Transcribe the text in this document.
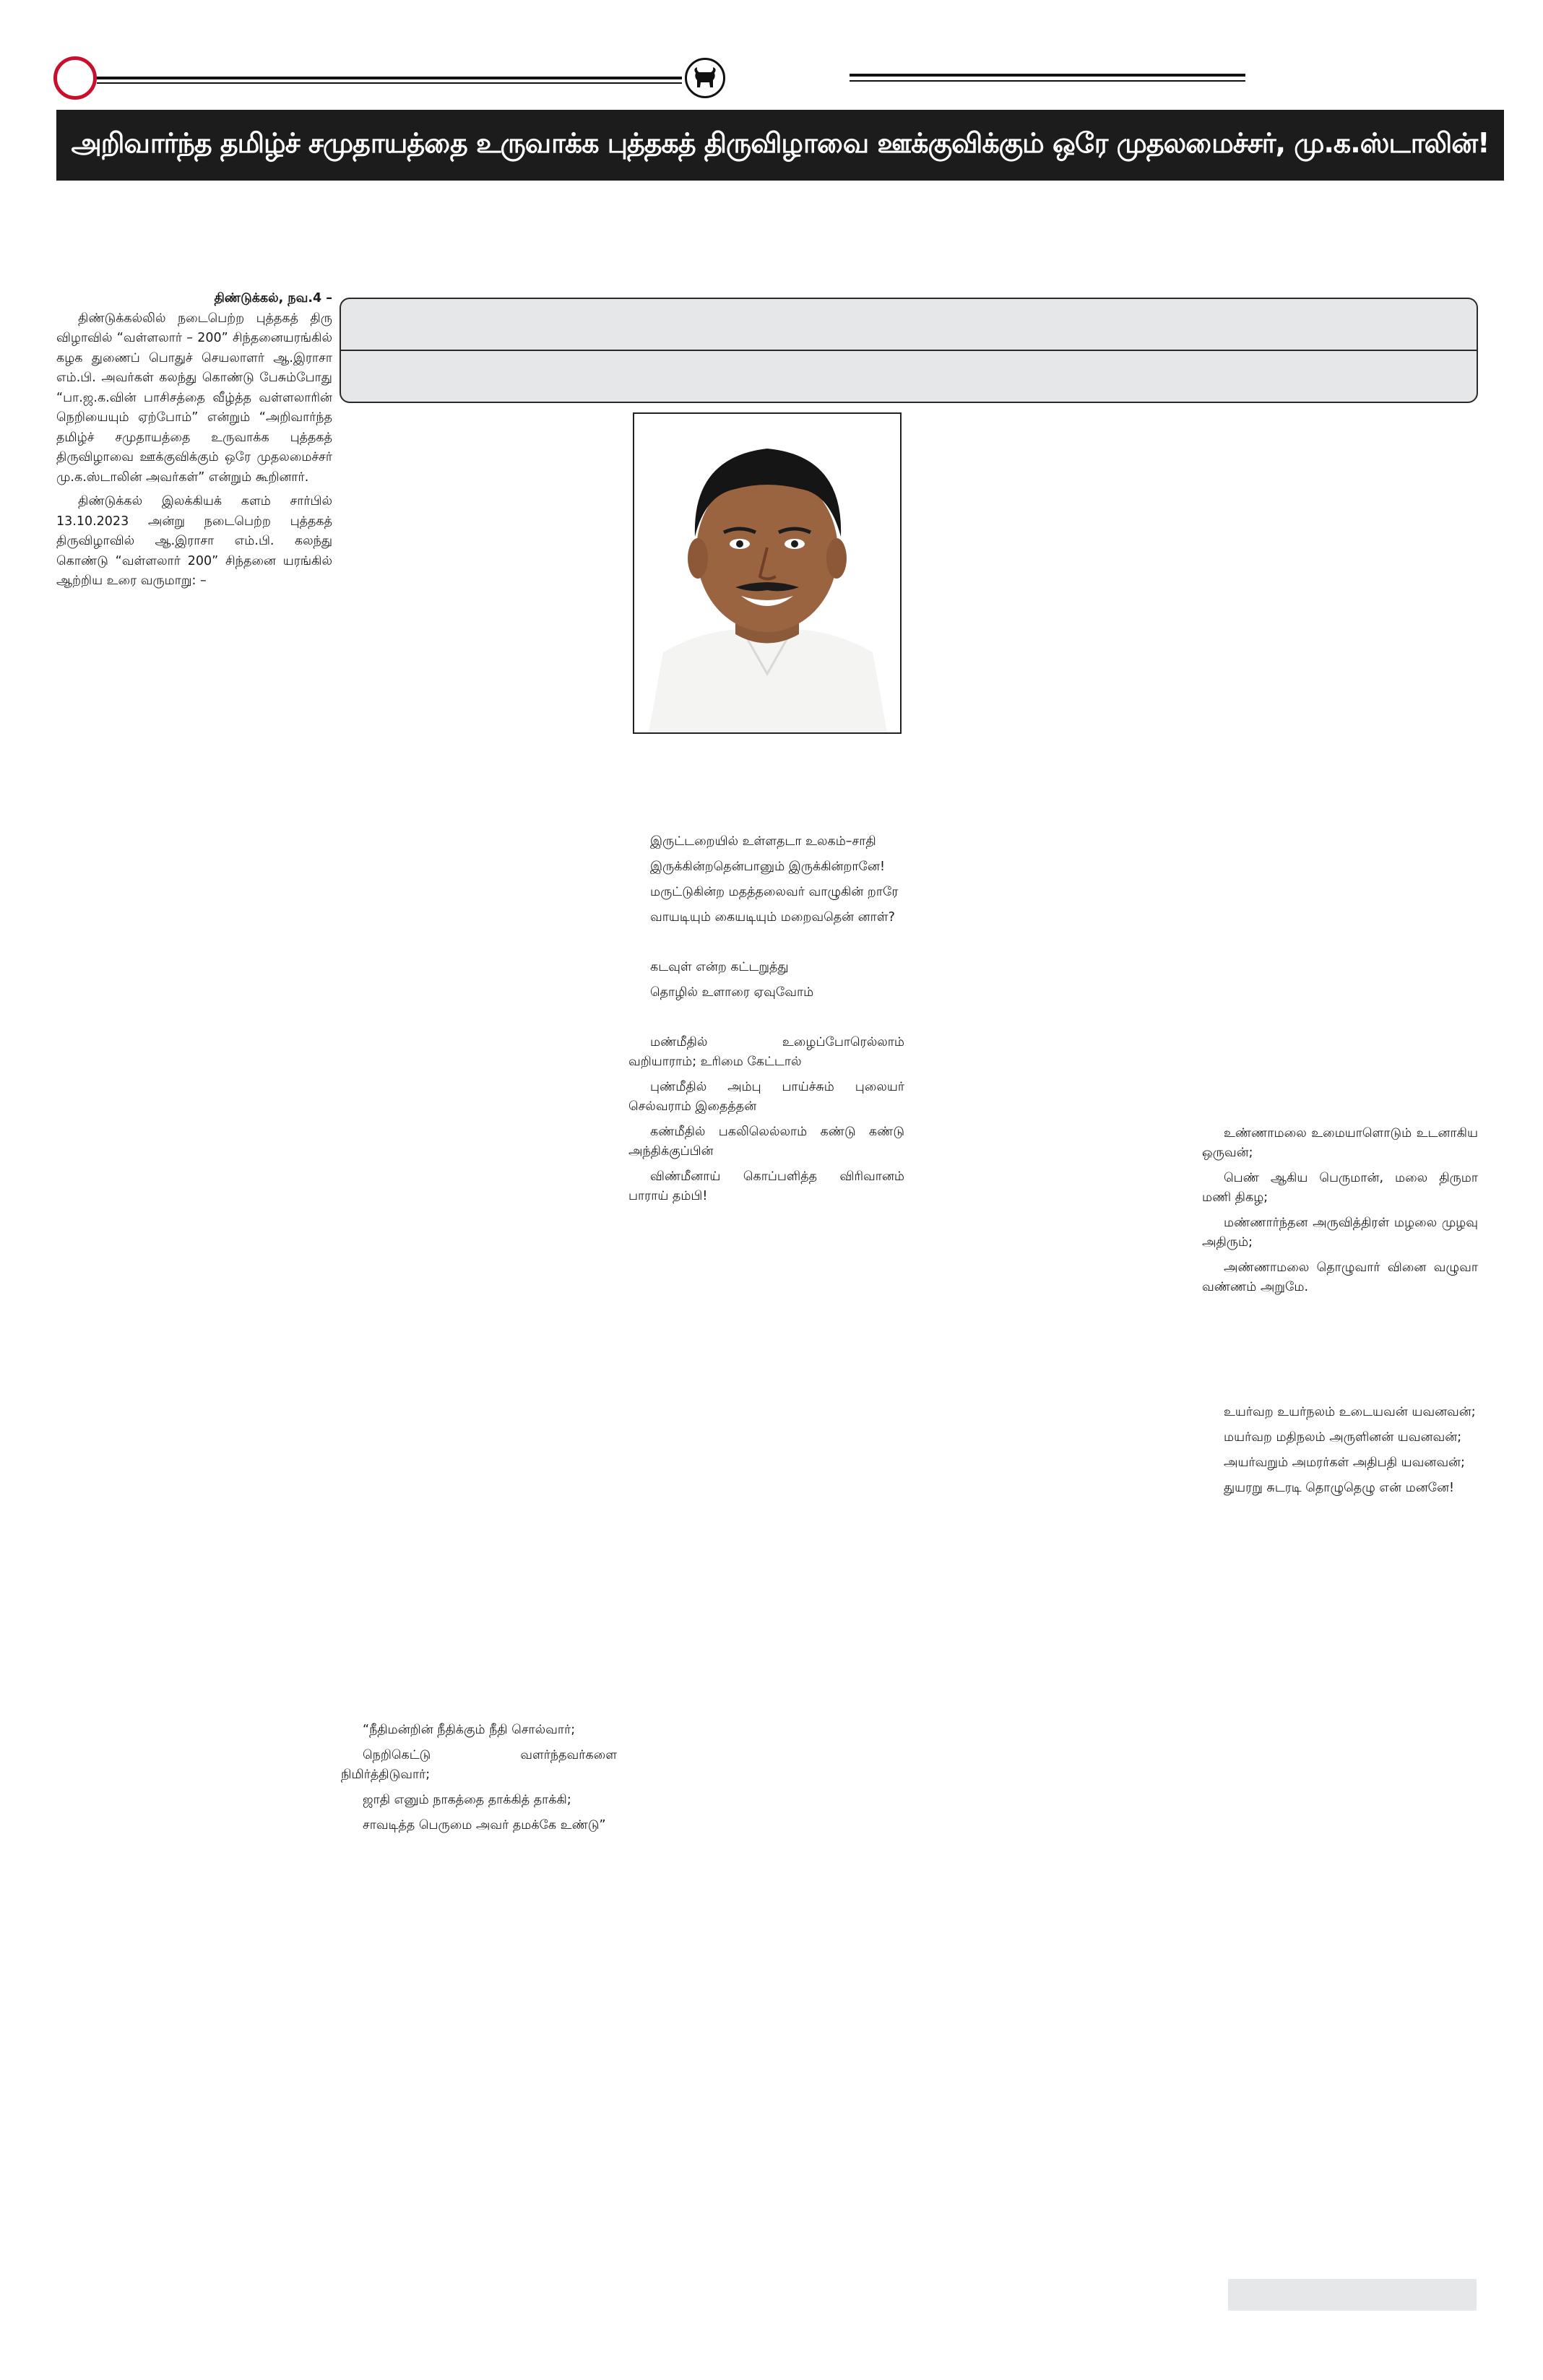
அறிவார்ந்த தமிழ்ச் சமுதாயத்தை உருவாக்க புத்தகத் திருவிழாவை ஊக்குவிக்கும் ஒரே முதலமைச்சர், மு.க.ஸ்டாலின்!

திண்டுக்கல், நவ.4 –

திண்டுக்கல்லில் நடைபெற்ற புத்தகத் திரு விழாவில் “வள்ளலார் – 200” சிந்தனையரங்கில் கழக துணைப் பொதுச் செயலாளர் ஆ.இராசா எம்.பி. அவர்கள் கலந்து கொண்டு பேசும்போது “பா.ஜ.க.வின் பாசிசத்தை வீழ்த்த வள்ளலாரின் நெறியையும் ஏற்போம்” என்றும் “அறிவார்ந்த தமிழ்ச் சமுதாயத்தை உருவாக்க புத்தகத் திருவிழாவை ஊக்குவிக்கும் ஒரே முதலமைச்சர் மு.க.ஸ்டாலின் அவர்கள்” என்றும் கூறினார்.

திண்டுக்கல் இலக்கியக் களம் சார்பில் 13.10.2023 அன்று நடைபெற்ற புத்தகத் திருவிழாவில் ஆ.இராசா எம்.பி. கலந்து கொண்டு “வள்ளலார் 200” சிந்தனை யரங்கில் ஆற்றிய உரை வருமாறு: –

இருட்டறையில் உள்ளதடா உலகம்–சாதி

இருக்கின்றதென்பானும் இருக்கின்றானே!

மருட்டுகின்ற மதத்தலைவர் வாழுகின் றாரே

வாயடியும் கையடியும் மறைவதென் னாள்?

கடவுள் என்ற கட்டறுத்து

தொழில் உளாரை ஏவுவோம்

மண்மீதில் உழைப்போரெல்லாம் வறியாராம்; உரிமை கேட்டால்

புண்மீதில் அம்பு பாய்ச்சும் புலையர் செல்வராம் இதைத்தன்

கண்மீதில் பகலிலெல்லாம் கண்டு கண்டு அந்திக்குப்பின்

விண்மீனாய் கொப்பளித்த விரிவானம் பாராய் தம்பி!

உண்ணாமலை உமையாளொடும் உடனாகிய ஒருவன்;

பெண் ஆகிய பெருமான், மலை திருமா மணி திகழ;

மண்ணார்ந்தன அருவித்திரள் மழலை முழவு அதிரும்;

அண்ணாமலை தொழுவார் வினை வழுவா வண்ணம் அறுமே.

உயர்வற உயர்நலம் உடையவன் யவனவன்;

மயர்வற மதிநலம் அருளினன் யவனவன்;

அயர்வறும் அமரர்கள் அதிபதி யவனவன்;

துயரறு சுடரடி தொழுதெழு என் மனனே!

“நீதிமன்றின் நீதிக்கும் நீதி சொல்வார்;

நெறிகெட்டு வளர்ந்தவர்களை நிமிர்த்திடுவார்;

ஜாதி எனும் நாகத்தை தாக்கித் தாக்கி;

சாவடித்த பெருமை அவர் தமக்கே உண்டு”
